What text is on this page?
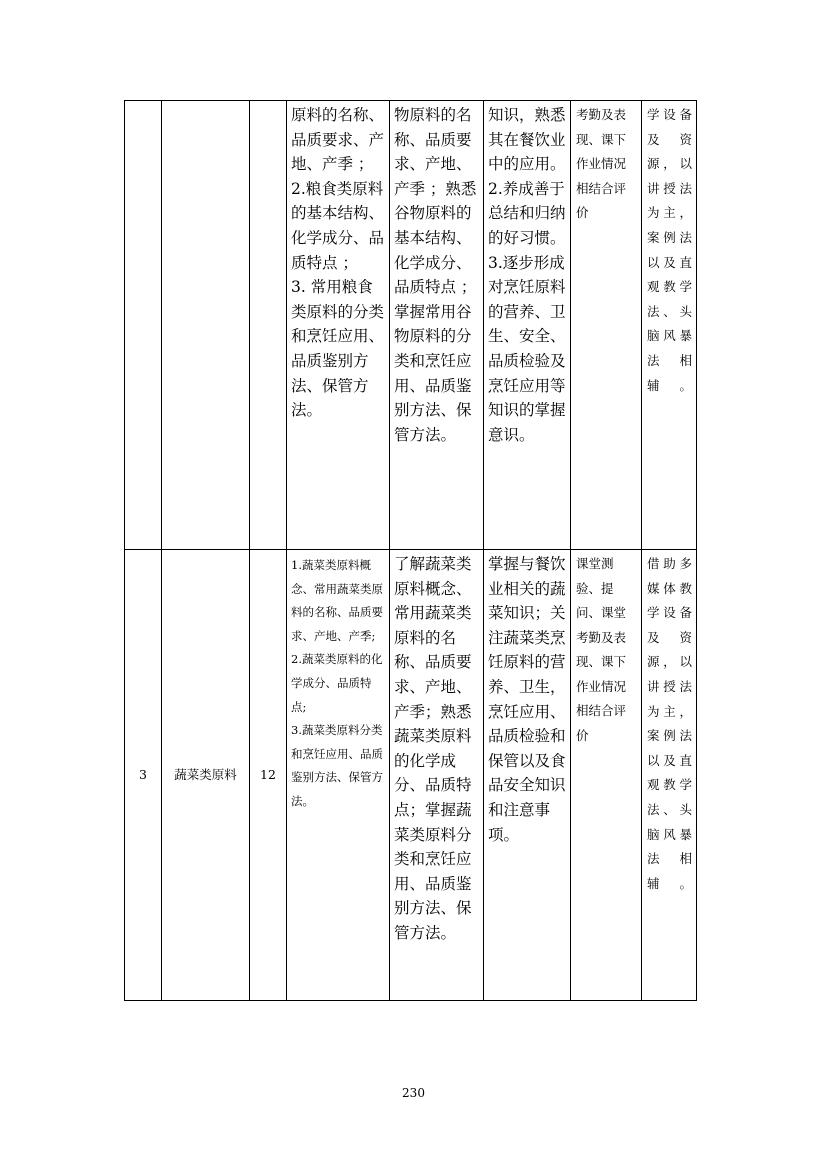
			原料的名称、品质要求、产地、产季 ；
2.粮食类原料的基本结构、化学成分、品质特点 ；
3. 常用粮食类原料的分类和烹饪应用、品质鉴别方法、保管方法。	物原料的名称、品质要求、产地、产季 ；熟悉谷物原料的基本结构、化学成分、品质特点 ；掌握常用谷物原料的分类和烹饪应用、品质鉴别方法、保管方法。	知识，熟悉其在餐饮业中的应用。
2.养成善于总结和归纳的好习惯。
3.逐步形成对烹饪原料的营养、卫生、安全、品质检验及烹饪应用等知识的掌握意识。	考勤及表现、课下作业情况相结合评价	学设备及资源，以讲授法为主，案例法以及直观教学法、头脑风暴法相辅。

3	蔬菜类原料	12	1.蔬菜类原料概念、常用蔬菜类原料的名称、品质要求、产地、产季;
2.蔬菜类原料的化学成分、品质特点;
3.蔬菜类原料分类和烹饪应用、品质鉴别方法、保管方法。	了解蔬菜类原料概念、常用蔬菜类原料的名称、品质要求、产地、产季；熟悉蔬菜类原料的化学成分、品质特点；掌握蔬菜类原料分类和烹饪应用、品质鉴别方法、保管方法。	掌握与餐饮业相关的蔬菜知识；关注蔬菜类烹饪原料的营养、卫生，烹饪应用、品质检验和保管以及食品安全知识和注意事项。	课堂测验、提问、课堂考勤及表现、课下作业情况相结合评价	借助多媒体教学设备及资源，以讲授法为主，案例法以及直观教学法、头脑风暴法相辅。
230
